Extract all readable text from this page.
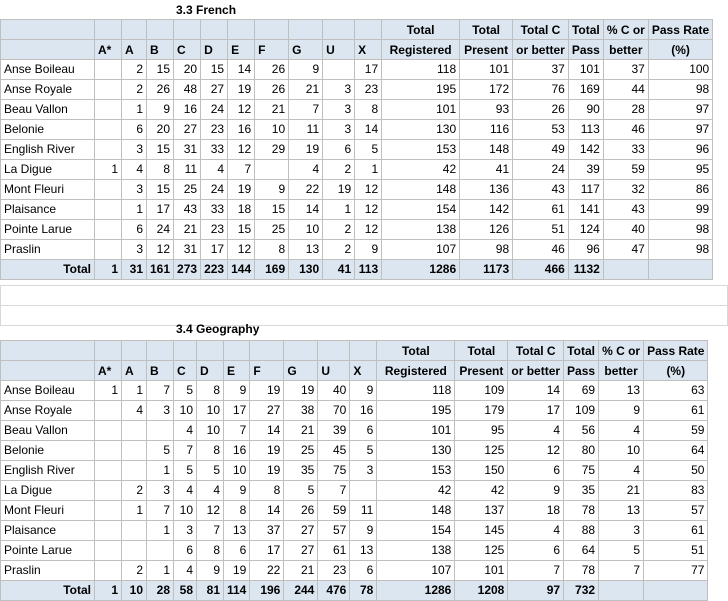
3.3 French
											Total	Total	Total C	Total	% C or	Pass Rate
	A*	A	B	C	D	E	F	G	U	X	Registered	Present	or better	Pass	better	(%)
Anse Boileau		2	15	20	15	14	26	9		17	118	101	37	101	37	100
Anse Royale		2	26	48	27	19	26	21	3	23	195	172	76	169	44	98
Beau Vallon		1	9	16	24	12	21	7	3	8	101	93	26	90	28	97
Belonie		6	20	27	23	16	10	11	3	14	130	116	53	113	46	97
English River		3	15	31	33	12	29	19	6	5	153	148	49	142	33	96
La Digue	1	4	8	11	4	7		4	2	1	42	41	24	39	59	95
Mont Fleuri		3	15	25	24	19	9	22	19	12	148	136	43	117	32	86
Plaisance		1	17	43	33	18	15	14	1	12	154	142	61	141	43	99
Pointe Larue		6	24	21	23	15	25	10	2	12	138	126	51	124	40	98
Praslin		3	12	31	17	12	8	13	2	9	107	98	46	96	47	98
Total	1	31	161	273	223	144	169	130	41	113	1286	1173	466	1132		

3.4 Geography
											Total	Total	Total C	Total	% C or	Pass Rate
	A*	A	B	C	D	E	F	G	U	X	Registered	Present	or better	Pass	better	(%)
Anse Boileau	1	1	7	5	8	9	19	19	40	9	118	109	14	69	13	63
Anse Royale		4	3	10	10	17	27	38	70	16	195	179	17	109	9	61
Beau Vallon				4	10	7	14	21	39	6	101	95	4	56	4	59
Belonie			5	7	8	16	19	25	45	5	130	125	12	80	10	64
English River			1	5	5	10	19	35	75	3	153	150	6	75	4	50
La Digue		2	3	4	4	9	8	5	7		42	42	9	35	21	83
Mont Fleuri		1	7	10	12	8	14	26	59	11	148	137	18	78	13	57
Plaisance			1	3	7	13	37	27	57	9	154	145	4	88	3	61
Pointe Larue				6	8	6	17	27	61	13	138	125	6	64	5	51
Praslin		2	1	4	9	19	22	21	23	6	107	101	7	78	7	77
Total	1	10	28	58	81	114	196	244	476	78	1286	1208	97	732		
